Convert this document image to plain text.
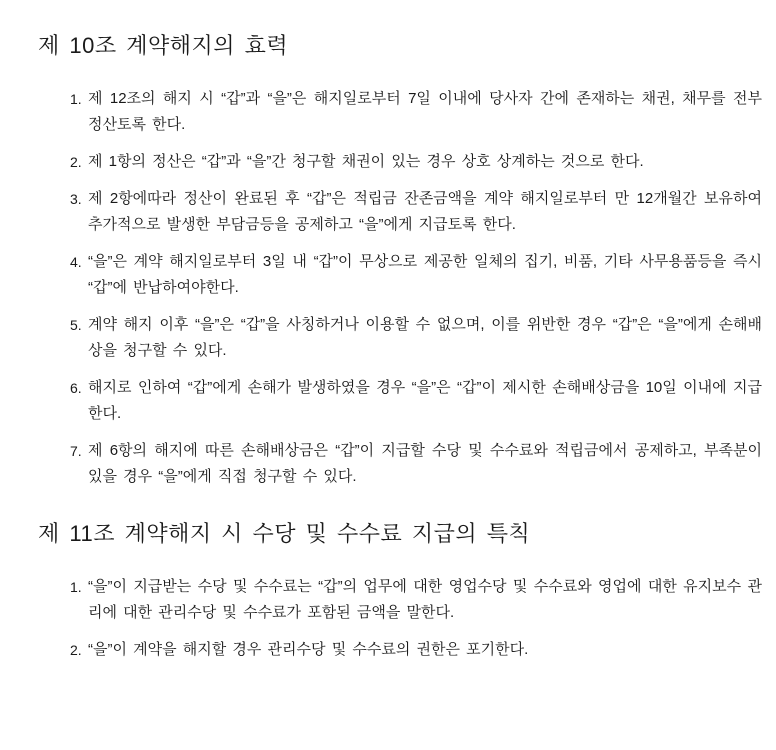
제 10조 계약해지의 효력
1. 제 12조의 해지 시 “갑”과 “을”은 해지일로부터 7일 이내에 당사자 간에 존재하는 채권, 채무를 전부 정산토록 한다.

2. 제 1항의 정산은 “갑”과 “을”간 청구할 채권이 있는 경우 상호 상계하는 것으로 한다.

3. 제 2항에따라 정산이 완료된 후 “갑”은 적립금 잔존금액을 계약 해지일로부터 만 12개월간 보유하여 추가적으로 발생한 부담금등을 공제하고 “을”에게 지급토록 한다.

4. “을”은 계약 해지일로부터 3일 내 “갑”이 무상으로 제공한 일체의 집기, 비품, 기타 사무용품등을 즉시 “갑”에 반납하여야한다.

5. 계약 해지 이후 “을”은 “갑”을 사칭하거나 이용할 수 없으며, 이를 위반한 경우 “갑”은 “을”에게 손해배상을 청구할 수 있다.

6. 해지로 인하여 “갑”에게 손해가 발생하였을 경우 “을”은 “갑”이 제시한 손해배상금을 10일 이내에 지급한다.

7. 제 6항의 해지에 따른 손해배상금은 “갑”이 지급할 수당 및 수수료와 적립금에서 공제하고, 부족분이 있을 경우 “을”에게 직접 청구할 수 있다.

제 11조 계약해지 시 수당 및 수수료 지급의 특칙
1. “을”이 지급받는 수당 및 수수료는 “갑”의 업무에 대한 영업수당 및 수수료와 영업에 대한 유지보수 관리에 대한 관리수당 및 수수료가 포함된 금액을 말한다.

2. “을”이 계약을 해지할 경우 관리수당 및 수수료의 권한은 포기한다.
